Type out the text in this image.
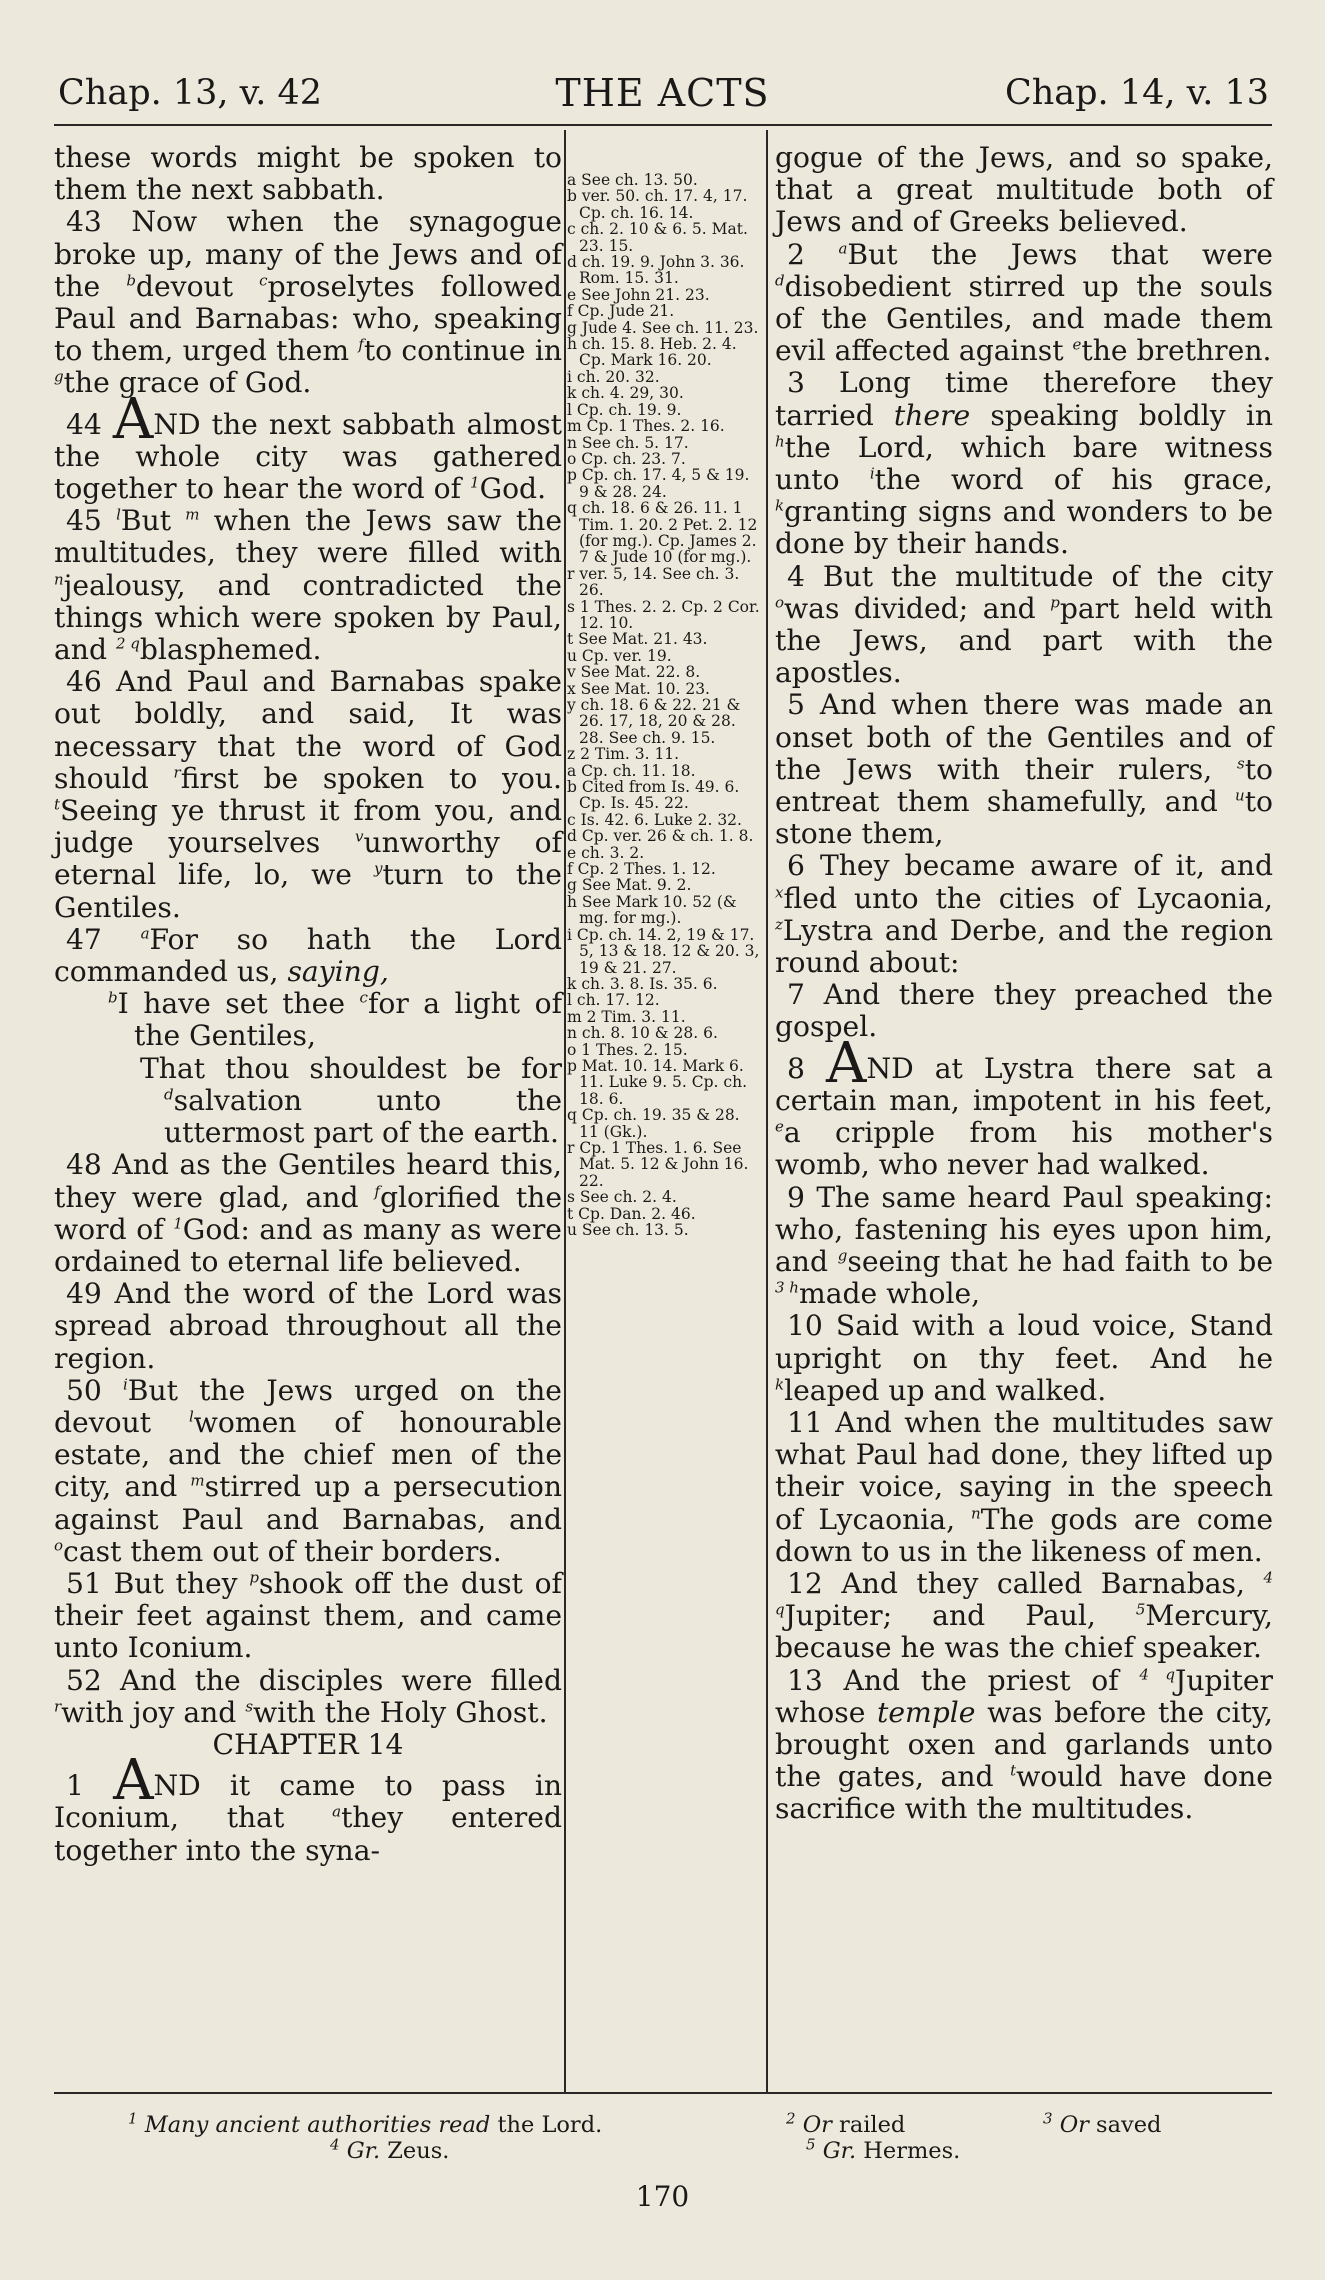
Chap. 13, v. 42	THE ACTS	Chap. 14, v. 13

these words might be spoken to them the next sabbath.

43 Now when the synagogue broke up, many of the Jews and of the $^b$devout $^c$proselytes followed Paul and Barnabas: who, speaking to them, urged them $^f$to continue in $^g$the grace of God.

44 AND the next sabbath almost the whole city was gathered together to hear the word of $^1$God.

45 $^l$But $^m$ when the Jews saw the multitudes, they were filled with $^n$jealousy, and contradicted the things which were spoken by Paul, and $^{2 q}$blasphemed.

46 And Paul and Barnabas spake out boldly, and said, It was necessary that the word of God should $^r$first be spoken to you. $^t$Seeing ye thrust it from you, and judge yourselves $^v$unworthy of eternal life, lo, we $^y$turn to the Gentiles.

47 $^a$For so hath the Lord commanded us, saying,

$^b$I have set thee $^c$for a light of the Gentiles,

That thou shouldest be for $^d$salvation unto the uttermost part of the earth.

48 And as the Gentiles heard this, they were glad, and $^f$glorified the word of $^1$God: and as many as were ordained to eternal life believed.

49 And the word of the Lord was spread abroad throughout all the region.

50 $^i$But the Jews urged on the devout $^l$women of honourable estate, and the chief men of the city, and $^m$stirred up a persecution against Paul and Barnabas, and $^o$cast them out of their borders.

51 But they $^p$shook off the dust of their feet against them, and came unto Iconium.

52 And the disciples were filled $^r$with joy and $^s$with the Holy Ghost.

CHAPTER 14

1 AND it came to pass in Iconium, that $^a$they entered together into the syna-

a See ch. 13. 50.
b ver. 50. ch. 17. 4, 17. Cp. ch. 16. 14.
c ch. 2. 10 & 6. 5. Mat. 23. 15.
d ch. 19. 9. John 3. 36. Rom. 15. 31.
e See John 21. 23.
f Cp. Jude 21.
g Jude 4. See ch. 11. 23.
h ch. 15. 8. Heb. 2. 4. Cp. Mark 16. 20.
i ch. 20. 32.
k ch. 4. 29, 30.
l Cp. ch. 19. 9.
m Cp. 1 Thes. 2. 16.
n See ch. 5. 17.
o Cp. ch. 23. 7.
p Cp. ch. 17. 4, 5 & 19. 9 & 28. 24.
q ch. 18. 6 & 26. 11. 1 Tim. 1. 20. 2 Pet. 2. 12 (for mg.). Cp. James 2. 7 & Jude 10 (for mg.).
r ver. 5, 14. See ch. 3. 26.
s 1 Thes. 2. 2. Cp. 2 Cor. 12. 10.
t See Mat. 21. 43.
u Cp. ver. 19.
v See Mat. 22. 8.
x See Mat. 10. 23.
y ch. 18. 6 & 22. 21 & 26. 17, 18, 20 & 28. 28. See ch. 9. 15.
z 2 Tim. 3. 11.
a Cp. ch. 11. 18.
b Cited from Is. 49. 6. Cp. Is. 45. 22.
c Is. 42. 6. Luke 2. 32.
d Cp. ver. 26 & ch. 1. 8.
e ch. 3. 2.
f Cp. 2 Thes. 1. 12.
g See Mat. 9. 2.
h See Mark 10. 52 (& mg. for mg.).
i Cp. ch. 14. 2, 19 & 17. 5, 13 & 18. 12 & 20. 3, 19 & 21. 27.
k ch. 3. 8. Is. 35. 6.
l ch. 17. 12.
m 2 Tim. 3. 11.
n ch. 8. 10 & 28. 6.
o 1 Thes. 2. 15.
p Mat. 10. 14. Mark 6. 11. Luke 9. 5. Cp. ch. 18. 6.
q Cp. ch. 19. 35 & 28. 11 (Gk.).
r Cp. 1 Thes. 1. 6. See Mat. 5. 12 & John 16. 22.
s See ch. 2. 4.
t Cp. Dan. 2. 46.
u See ch. 13. 5.

gogue of the Jews, and so spake, that a great multitude both of Jews and of Greeks believed.

2 $^a$But the Jews that were $^d$disobedient stirred up the souls of the Gentiles, and made them evil affected against $^e$the brethren.

3 Long time therefore they tarried there speaking boldly in $^h$the Lord, which bare witness unto $^i$the word of his grace, $^k$granting signs and wonders to be done by their hands.

4 But the multitude of the city $^o$was divided; and $^p$part held with the Jews, and part with the apostles.

5 And when there was made an onset both of the Gentiles and of the Jews with their rulers, $^s$to entreat them shamefully, and $^u$to stone them,

6 They became aware of it, and $^x$fled unto the cities of Lycaonia, $^z$Lystra and Derbe, and the region round about:

7 And there they preached the gospel.

8 AND at Lystra there sat a certain man, impotent in his feet, $^e$a cripple from his mother's womb, who never had walked.

9 The same heard Paul speaking: who, fastening his eyes upon him, and $^g$seeing that he had faith to be $^{3 h}$made whole,

10 Said with a loud voice, Stand upright on thy feet. And he $^k$leaped up and walked.

11 And when the multitudes saw what Paul had done, they lifted up their voice, saying in the speech of Lycaonia, $^n$The gods are come down to us in the likeness of men.

12 And they called Barnabas, $^{4 q}$Jupiter; and Paul, $^5$Mercury, because he was the chief speaker.

13 And the priest of $^{4 q}$Jupiter whose temple was before the city, brought oxen and garlands unto the gates, and $^t$would have done sacrifice with the multitudes.

$^1$ Many ancient authorities read the Lord.
$^4$ Gr. Zeus.
$^2$ Or railed
$^5$ Gr. Hermes.
$^3$ Or saved
170
